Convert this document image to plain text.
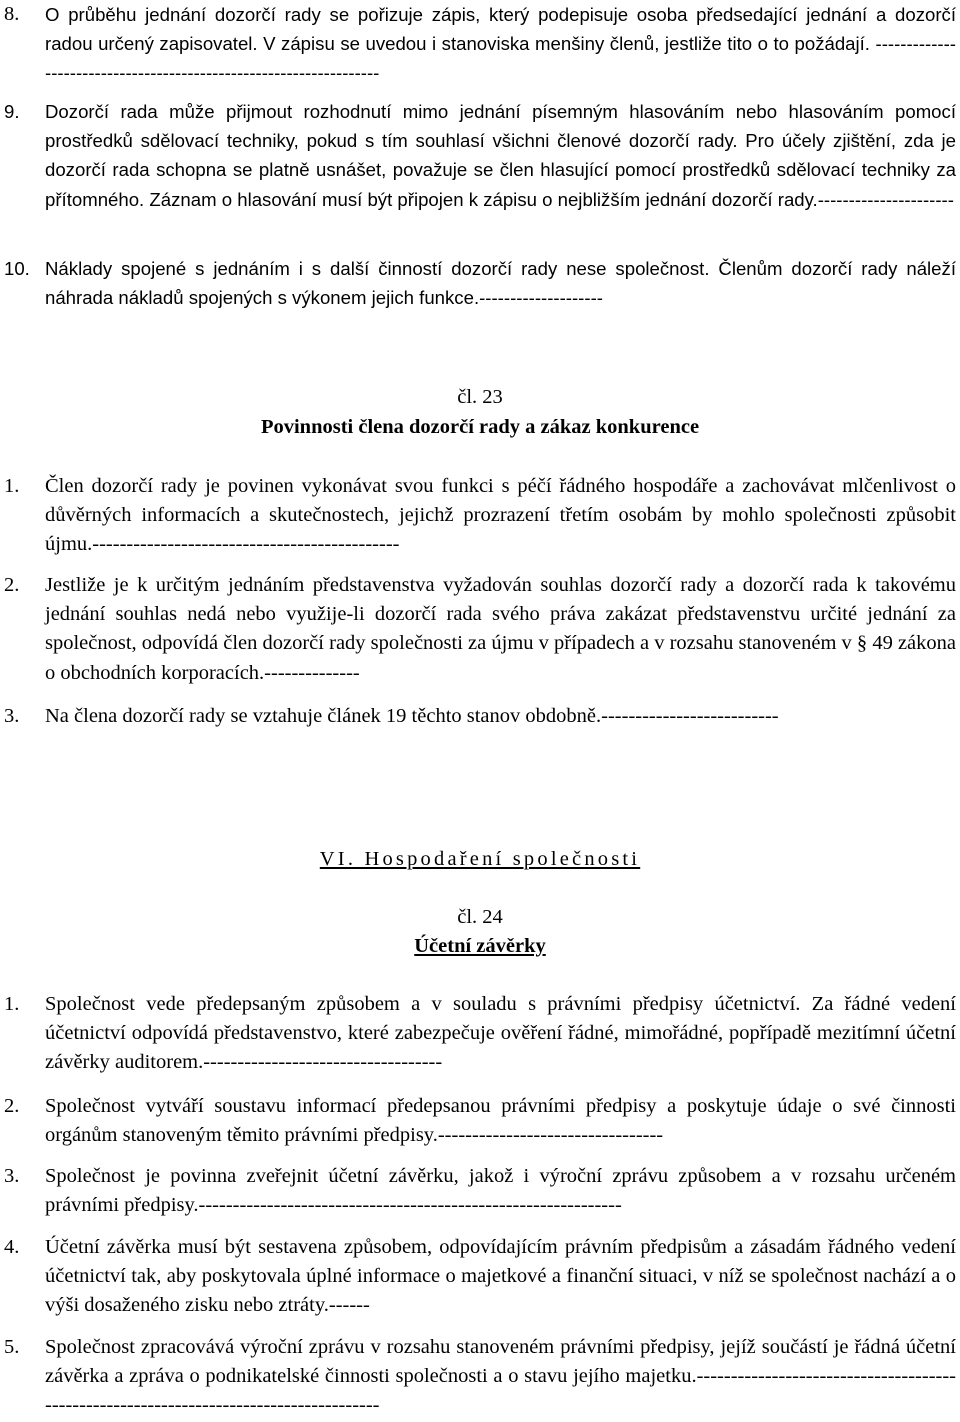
8. O průběhu jednání dozorčí rady se pořizuje zápis, který podepisuje osoba předsedající jednání a dozorčí radou určený zapisovatel. V zápisu se uvedou i stanoviska menšiny členů, jestliže tito o to požádají. -------------------------------------------------------------------
9. Dozorčí rada může přijmout rozhodnutí mimo jednání písemným hlasováním nebo hlasováním pomocí prostředků sdělovací techniky, pokud s tím souhlasí všichni členové dozorčí rady. Pro účely zjištění, zda je dozorčí rada schopna se platně usnášet, považuje se člen hlasující pomocí prostředků sdělovací techniky za přítomného. Záznam o hlasování musí být připojen k zápisu o nejbližším jednání dozorčí rady.----------------------
10. Náklady spojené s jednáním i s další činností dozorčí rady nese společnost. Členům dozorčí rady náleží náhrada nákladů spojených s výkonem jejich funkce.--------------------
čl. 23
Povinnosti člena dozorčí rady a zákaz konkurence
1. Člen dozorčí rady je povinen vykonávat svou funkci s péčí řádného hospodáře a zachovávat mlčenlivost o důvěrných informacích a skutečnostech, jejichž prozrazení třetím osobám by mohlo společnosti způsobit újmu.---------------------------------------------
2. Jestliže je k určitým jednáním představenstva vyžadován souhlas dozorčí rady a dozorčí rada k takovému jednání souhlas nedá nebo využije-li dozorčí rada svého práva zakázat představenstvu určité jednání za společnost, odpovídá člen dozorčí rady společnosti za újmu v případech a v rozsahu stanoveném v § 49 zákona o obchodních korporacích.--------------
3. Na člena dozorčí rady se vztahuje článek 19 těchto stanov obdobně.--------------------------
VI. Hospodaření společnosti
čl. 24
Účetní závěrky
1. Společnost vede předepsaným způsobem a v souladu s právními předpisy účetnictví. Za řádné vedení účetnictví odpovídá představenstvo, které zabezpečuje ověření řádné, mimořádné, popřípadě mezitímní účetní závěrky auditorem.-----------------------------------
2. Společnost vytváří soustavu informací předepsanou právními předpisy a poskytuje údaje o své činnosti orgánům stanoveným těmito právními předpisy.---------------------------------
3. Společnost je povinna zveřejnit účetní závěrku, jakož i výroční zprávu způsobem a v rozsahu určeném právními předpisy.--------------------------------------------------------------
4. Účetní závěrka musí být sestavena způsobem, odpovídajícím právním předpisům a zásadám řádného vedení účetnictví tak, aby poskytovala úplné informace o majetkové a finanční situaci, v níž se společnost nachází a o výši dosaženého zisku nebo ztráty.------
5. Společnost zpracovává výroční zprávu v rozsahu stanoveném právními předpisy, jejíž součástí je řádná účetní závěrka a zpráva o podnikatelské činnosti společnosti a o stavu jejího majetku.---------------------------------------------------------------------------------------
